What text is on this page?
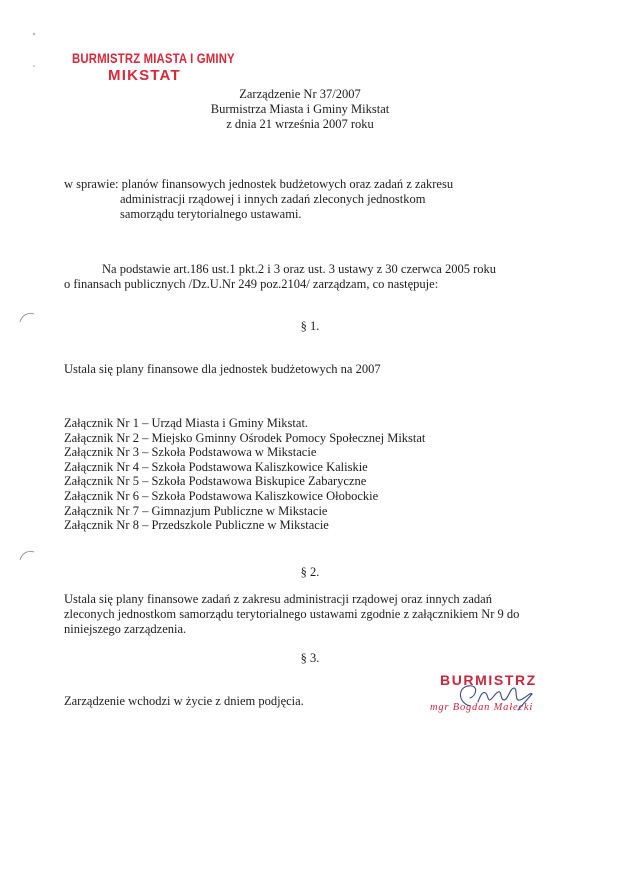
BURMISTRZ MIASTA I GMINY
MIKSTAT
Zarządzenie Nr 37/2007
Burmistrza Miasta i Gminy Mikstat
z dnia 21 września 2007 roku
w sprawie: planów finansowych jednostek budżetowych oraz zadań z zakresu
administracji rządowej i innych zadań zleconych jednostkom
samorządu terytorialnego ustawami.
Na podstawie art.186 ust.1 pkt.2 i 3 oraz ust. 3 ustawy z 30 czerwca 2005 roku
o finansach publicznych /Dz.U.Nr 249 poz.2104/ zarządzam, co następuje:
§ 1.
Ustala się plany finansowe dla jednostek budżetowych na 2007
Załącznik Nr 1 – Urząd Miasta i Gminy Mikstat.
Załącznik Nr 2 – Miejsko Gminny Ośrodek Pomocy Społecznej Mikstat
Załącznik Nr 3 – Szkoła Podstawowa w Mikstacie
Załącznik Nr 4 – Szkoła Podstawowa Kaliszkowice Kaliskie
Załącznik Nr 5 – Szkoła Podstawowa Biskupice Zabaryczne
Załącznik Nr 6 – Szkoła Podstawowa Kaliszkowice Ołobockie
Załącznik Nr 7 – Gimnazjum Publiczne w Mikstacie
Załącznik Nr 8 – Przedszkole Publiczne w Mikstacie
§ 2.
Ustala się plany finansowe zadań z zakresu administracji rządowej oraz innych zadań
zleconych jednostkom samorządu terytorialnego ustawami zgodnie z załącznikiem Nr 9 do
niniejszego zarządzenia.
§ 3.
Zarządzenie wchodzi w życie z dniem podjęcia.
BURMISTRZ
mgr Bogdan Małecki
